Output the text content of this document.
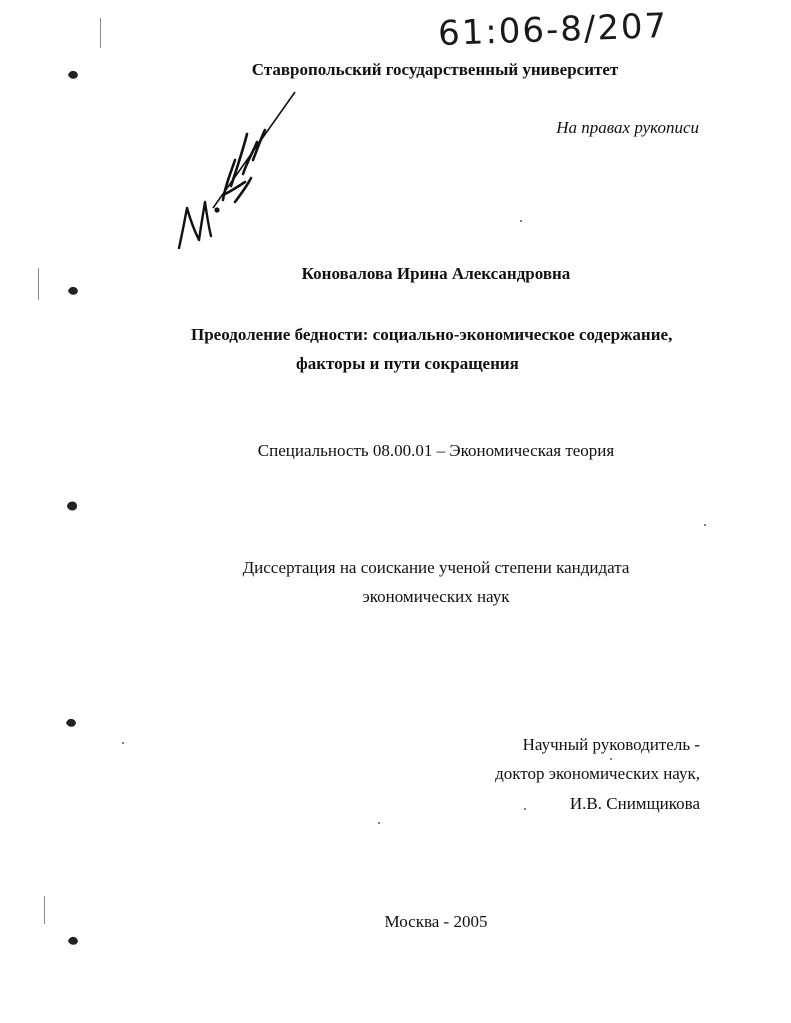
61:06-8/207
Ставропольский государственный университет
На правах рукописи
Коновалова Ирина Александровна
Преодоление бедности: социально-экономическое содержание,
факторы и пути сокращения
Специальность 08.00.01 – Экономическая теория
Диссертация на соискание ученой степени кандидата
экономических наук
Научный руководитель -
доктор экономических наук,
И.В. Снимщикова
Москва - 2005
